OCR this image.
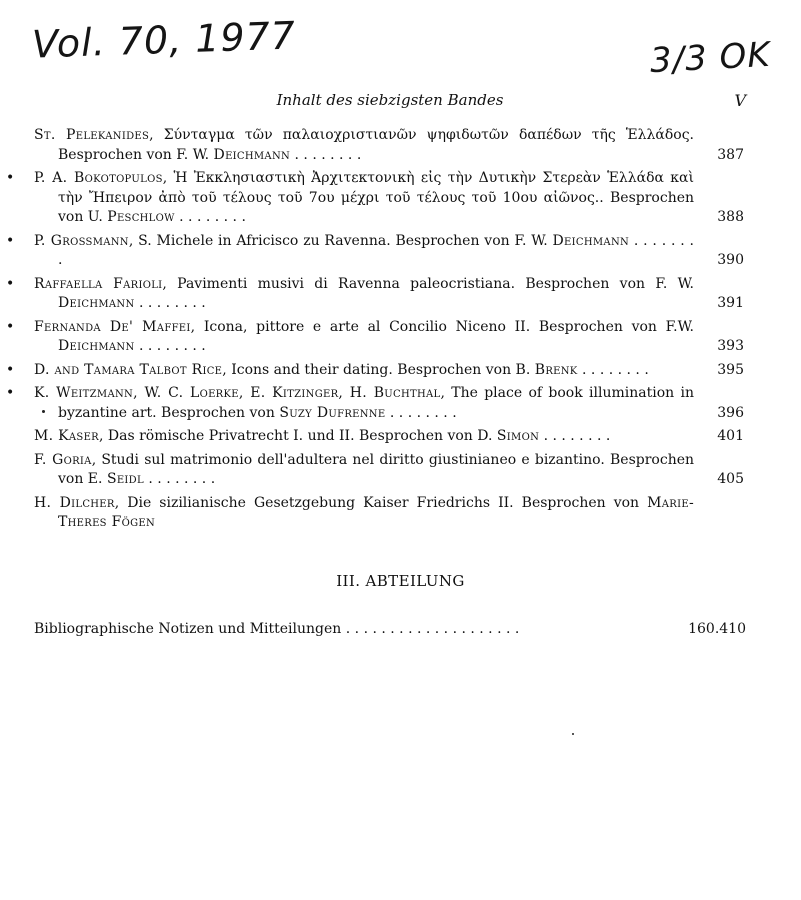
Vol. 70, 1977	3/3 OK
Inhalt des siebzigsten Bandes	V
St. Pelekanides, Σύνταγμα τῶν παλαιοχριστιανῶν ψηφιδωτῶν δαπέδων τῆς Ἑλλάδος. Besprochen von F. W. Deichmann . . . . . . . .	387
• P. A. Bokotopulos, Ἡ Ἐκκλησιαστικὴ Ἀρχιτεκτονικὴ εἰς τὴν Δυτικὴν Στερεὰν Ἑλλάδα καὶ τὴν Ἤπειρον ἀπὸ τοῦ τέλους τοῦ 7ου μέχρι τοῦ τέλους τοῦ 10ου αἰῶνος.. Besprochen von U. Peschlow . . . . . . . .	388
• P. Grossmann, S. Michele in Africisco zu Ravenna. Besprochen von F. W. Deichmann . . . . . . . .	390
• Raffaella Farioli, Pavimenti musivi di Ravenna paleocristiana. Besprochen von F. W. Deichmann . . . . . . . .	391
• Fernanda De' Maffei, Icona, pittore e arte al Concilio Niceno II. Besprochen von F.W. Deichmann . . . . . . . .	393
• D. and Tamara Talbot Rice, Icons and their dating. Besprochen von B. Brenk . . . . . . . .	395
• K. Weitzmann, W. C. Loerke, E. Kitzinger, H. Buchthal, The place of book illumination in byzantine art. Besprochen von Suzy Dufrenne . . . . . . . .	396
M. Kaser, Das römische Privatrecht I. und II. Besprochen von D. Simon . . . . . . . .	401
F. Goria, Studi sul matrimonio dell'adultera nel diritto giustinianeo e bizantino. Besprochen von E. Seidl . . . . . . . .	405
H. Dilcher, Die sizilianische Gesetzgebung Kaiser Friedrichs II. Besprochen von Marie-Theres Fögen
III. ABTEILUNG
Bibliographische Notizen und Mitteilungen . . . . . . . . . . . . . . . . . . . .	160.410
